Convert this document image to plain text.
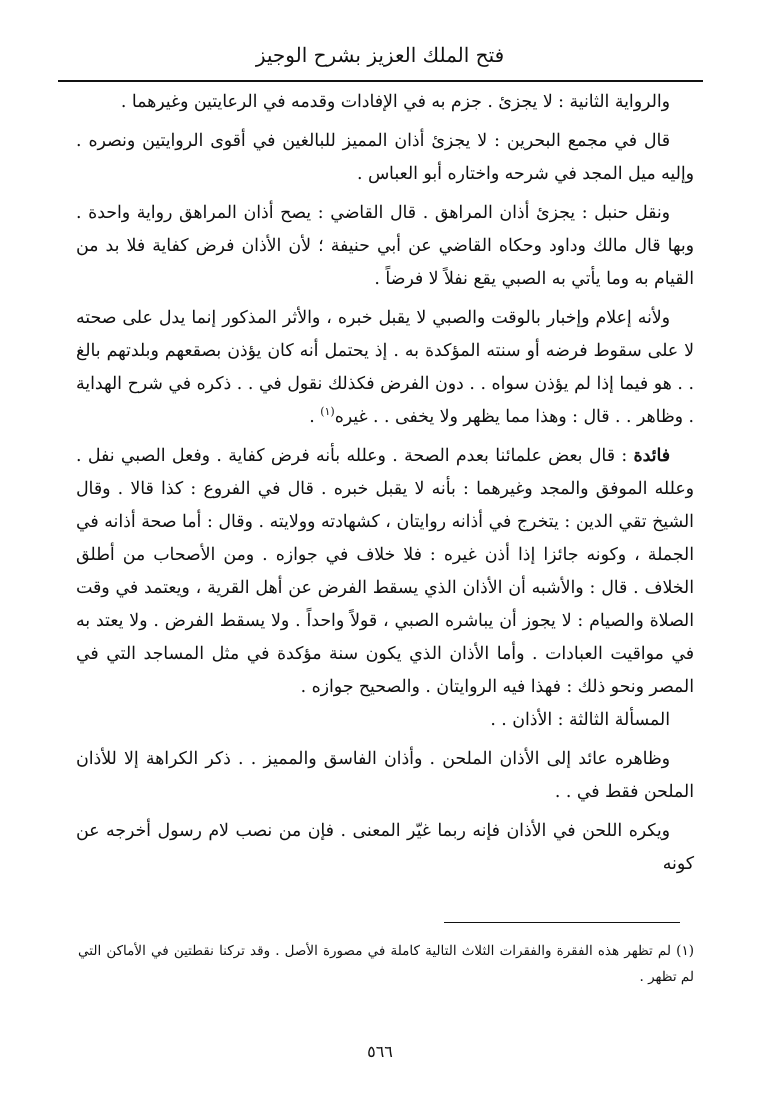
فتح الملك العزيز بشرح الوجيز

والرواية الثانية : لا يجزئ . جزم به في الإفادات وقدمه في الرعايتين وغيرهما .

قال في مجمع البحرين : لا يجزئ أذان المميز للبالغين في أقوى الروايتين ونصره . وإليه ميل المجد في شرحه واختاره أبو العباس .

ونقل حنبل : يجزئ أذان المراهق . قال القاضي : يصح أذان المراهق رواية واحدة . وبها قال مالك وداود وحكاه القاضي عن أبي حنيفة ؛ لأن الأذان فرض كفاية فلا بد من القيام به وما يأتي به الصبي يقع نفلاً لا فرضاً .

ولأنه إعلام وإخبار بالوقت والصبي لا يقبل خبره ، والأثر المذكور إنما يدل على صحته لا على سقوط فرضه أو سنته المؤكدة به . إذ يحتمل أنه كان يؤذن بصقعهم وبلدتهم بالغ . . هو فيما إذا لم يؤذن سواه . . دون الفرض فكذلك نقول في . . ذكره في شرح الهداية . وظاهر . . قال : وهذا مما يظهر ولا يخفى . . غيره$^{(١)}$ .

فائدة : قال بعض علمائنا بعدم الصحة . وعلله بأنه فرض كفاية . وفعل الصبي نفل . وعلله الموفق والمجد وغيرهما : بأنه لا يقبل خبره . قال في الفروع : كذا قالا . وقال الشيخ تقي الدين : يتخرج في أذانه روايتان ، كشهادته وولايته . وقال : أما صحة أذانه في الجملة ، وكونه جائزا إذا أذن غيره : فلا خلاف في جوازه . ومن الأصحاب من أطلق الخلاف . قال : والأشبه أن الأذان الذي يسقط الفرض عن أهل القرية ، ويعتمد في وقت الصلاة والصيام : لا يجوز أن يباشره الصبي ، قولاً واحداً . ولا يسقط الفرض . ولا يعتد به في مواقيت العبادات . وأما الأذان الذي يكون سنة مؤكدة في مثل المساجد التي في المصر ونحو ذلك : فهذا فيه الروايتان . والصحيح جوازه .

المسألة الثالثة : الأذان . .

وظاهره عائد إلى الأذان الملحن . وأذان الفاسق والمميز . . ذكر الكراهة إلا للأذان الملحن فقط في . .

ويكره اللحن في الأذان فإنه ربما غيّر المعنى . فإن من نصب لام رسول أخرجه عن كونه

(١) لم تظهر هذه الفقرة والفقرات الثلاث التالية كاملة في مصورة الأصل . وقد تركنا نقطتين في الأماكن التي لم تظهر .
٥٦٦
